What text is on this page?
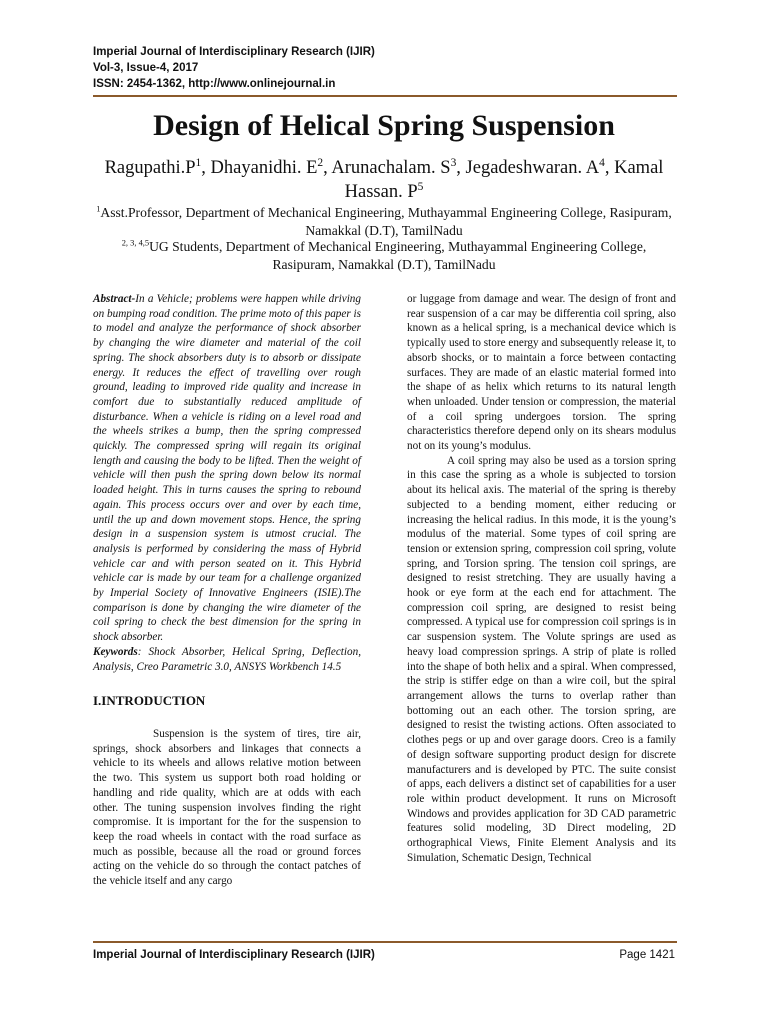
Imperial Journal of Interdisciplinary Research (IJIR)
Vol-3, Issue-4, 2017
ISSN: 2454-1362, http://www.onlinejournal.in
Design of Helical Spring Suspension
$Ragupathi.P^1$, Dhayanidhi. $E^2$, Arunachalam. $S^3$, Jegadeshwaran. $A^4$, Kamal Hassan. $P^5$
$^1$Asst.Professor, Department of Mechanical Engineering, Muthayammal Engineering College, Rasipuram, Namakkal (D.T), TamilNadu
$^{2, 3, 4,5}$UG Students, Department of Mechanical Engineering, Muthayammal Engineering College, Rasipuram, Namakkal (D.T), TamilNadu

Abstract-In a Vehicle; problems were happen while driving on bumping road condition. The prime moto of this paper is to model and analyze the performance of shock absorber by changing the wire diameter and material of the coil spring. The shock absorbers duty is to absorb or dissipate energy. It reduces the effect of travelling over rough ground, leading to improved ride quality and increase in comfort due to substantially reduced amplitude of disturbance. When a vehicle is riding on a level road and the wheels strikes a bump, then the spring compressed quickly. The compressed spring will regain its original length and causing the body to be lifted. Then the weight of vehicle will then push the spring down below its normal loaded height. This in turns causes the spring to rebound again. This process occurs over and over by each time, until the up and down movement stops. Hence, the spring design in a suspension system is utmost crucial. The analysis is performed by considering the mass of Hybrid vehicle car and with person seated on it. This Hybrid vehicle car is made by our team for a challenge organized by Imperial Society of Innovative Engineers (ISIE).The comparison is done by changing the wire diameter of the coil spring to check the best dimension for the spring in shock absorber.

Keywords: Shock Absorber, Helical Spring, Deflection, Analysis, Creo Parametric 3.0, ANSYS Workbench 14.5

I.INTRODUCTION

Suspension is the system of tires, tire air, springs, shock absorbers and linkages that connects a vehicle to its wheels and allows relative motion between the two. This system us support both road holding or handling and ride quality, which are at odds with each other. The tuning suspension involves finding the right compromise. It is important for the for the suspension to keep the road wheels in contact with the road surface as much as possible, because all the road or ground forces acting on the vehicle do so through the contact patches of the vehicle itself and any cargo

or luggage from damage and wear. The design of front and rear suspension of a car may be differentia coil spring, also known as a helical spring, is a mechanical device which is typically used to store energy and subsequently release it, to absorb shocks, or to maintain a force between contacting surfaces. They are made of an elastic material formed into the shape of as helix which returns to its natural length when unloaded. Under tension or compression, the material of a coil spring undergoes torsion. The spring characteristics therefore depend only on its shears modulus not on its young’s modulus.

A coil spring may also be used as a torsion spring in this case the spring as a whole is subjected to torsion about its helical axis. The material of the spring is thereby subjected to a bending moment, either reducing or increasing the helical radius. In this mode, it is the young’s modulus of the material. Some types of coil spring are tension or extension spring, compression coil spring, volute spring, and Torsion spring. The tension coil springs, are designed to resist stretching. They are usually having a hook or eye form at the each end for attachment. The compression coil spring, are designed to resist being compressed. A typical use for compression coil springs is in car suspension system. The Volute springs are used as heavy load compression springs. A strip of plate is rolled into the shape of both helix and a spiral. When compressed, the strip is stiffer edge on than a wire coil, but the spiral arrangement allows the turns to overlap rather than bottoming out an each other. The torsion spring, are designed to resist the twisting actions. Often associated to clothes pegs or up and over garage doors. Creo is a family of design software supporting product design for discrete manufacturers and is developed by PTC. The suite consist of apps, each delivers a distinct set of capabilities for a user role within product development. It runs on Microsoft Windows and provides application for 3D CAD parametric features solid modeling, 3D Direct modeling, 2D orthographical Views, Finite Element Analysis and its Simulation, Schematic Design, Technical

Imperial Journal of Interdisciplinary Research (IJIR)	Page 1421
